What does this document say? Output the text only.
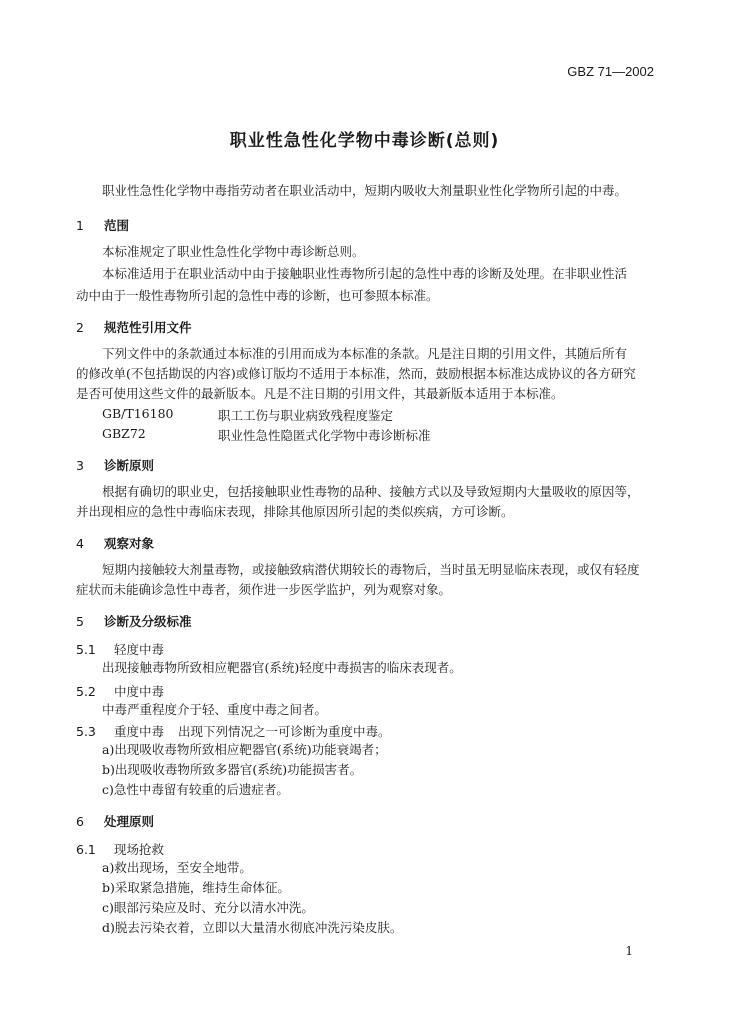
GBZ 71—2002
职业性急性化学物中毒诊断(总则)
职业性急性化学物中毒指劳动者在职业活动中，短期内吸收大剂量职业性化学物所引起的中毒。
1 范围
本标准规定了职业性急性化学物中毒诊断总则。
本标准适用于在职业活动中由于接触职业性毒物所引起的急性中毒的诊断及处理。在非职业性活
动中由于一般性毒物所引起的急性中毒的诊断，也可参照本标准。
2 规范性引用文件
下列文件中的条款通过本标准的引用而成为本标准的条款。凡是注日期的引用文件，其随后所有
的修改单(不包括勘误的内容)或修订版均不适用于本标准，然而，鼓励根据本标准达成协议的各方研究
是否可使用这些文件的最新版本。凡是不注日期的引用文件，其最新版本适用于本标准。
GB/T16180	职工工伤与职业病致残程度鉴定
GBZ72	职业性急性隐匿式化学物中毒诊断标准
3 诊断原则
根据有确切的职业史，包括接触职业性毒物的品种、接触方式以及导致短期内大量吸收的原因等，
并出现相应的急性中毒临床表现，排除其他原因所引起的类似疾病，方可诊断。
4 观察对象
短期内接触较大剂量毒物，或接触致病潜伏期较长的毒物后，当时虽无明显临床表现，或仅有轻度
症状而未能确诊急性中毒者，须作进一步医学监护，列为观察对象。
5 诊断及分级标准
5.1 轻度中毒
出现接触毒物所致相应靶器官(系统)轻度中毒损害的临床表现者。
5.2 中度中毒
中毒严重程度介于轻、重度中毒之间者。
5.3 重度中毒 出现下列情况之一可诊断为重度中毒。
a)出现吸收毒物所致相应靶器官(系统)功能衰竭者；
b)出现吸收毒物所致多器官(系统)功能损害者。
c)急性中毒留有较重的后遗症者。
6 处理原则
6.1 现场抢救
a)救出现场，至安全地带。
b)采取紧急措施，维持生命体征。
c)眼部污染应及时、充分以清水冲洗。
d)脱去污染衣着，立即以大量清水彻底冲洗污染皮肤。
1
